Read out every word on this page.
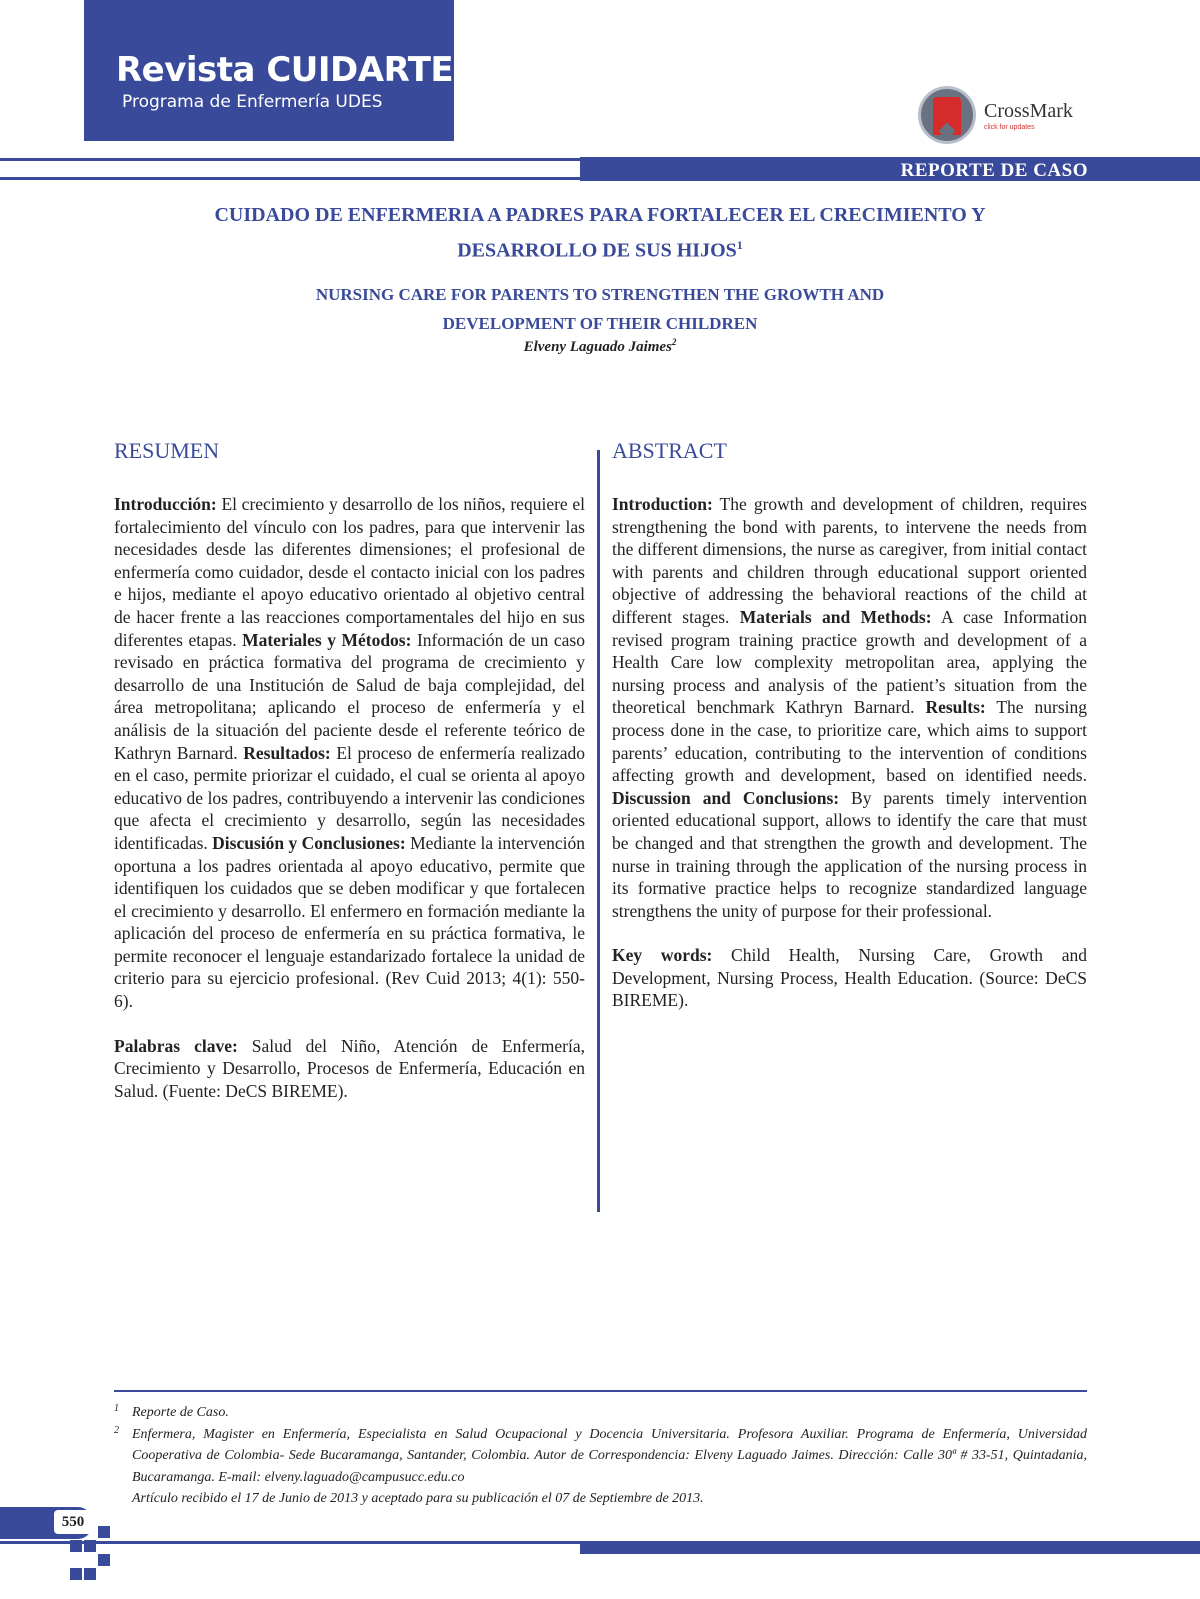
Revista CUIDARTE
Programa de Enfermería UDES	CrossMark
click for updates
REPORTE DE CASO
CUIDADO DE ENFERMERIA A PADRES PARA FORTALECER EL CRECIMIENTO Y DESARROLLO DE SUS HIJOS$^1$
NURSING CARE FOR PARENTS TO STRENGTHEN THE GROWTH AND
DEVELOPMENT OF THEIR CHILDREN
Elveny Laguado Jaimes$^2$
RESUMEN
Introducción: El crecimiento y desarrollo de los niños, requiere el fortalecimiento del vínculo con los padres, para que intervenir las necesidades desde las diferentes dimensiones; el profesional de enfermería como cuidador, desde el contacto inicial con los padres e hijos, mediante el apoyo educativo orientado al objetivo central de hacer frente a las reacciones comportamentales del hijo en sus diferentes etapas. Materiales y Métodos: Información de un caso revisado en práctica formativa del programa de crecimiento y desarrollo de una Institución de Salud de baja complejidad, del área metropolitana; aplicando el proceso de enfermería y el análisis de la situación del paciente desde el referente teórico de Kathryn Barnard. Resultados: El proceso de enfermería realizado en el caso, permite priorizar el cuidado, el cual se orienta al apoyo educativo de los padres, contribuyendo a intervenir las condiciones que afecta el crecimiento y desarrollo, según las necesidades identificadas. Discusión y Conclusiones: Mediante la intervención oportuna a los padres orientada al apoyo educativo, permite que identifiquen los cuidados que se deben modificar y que fortalecen el crecimiento y desarrollo. El enfermero en formación mediante la aplicación del proceso de enfermería en su práctica formativa, le permite reconocer el lenguaje estandarizado fortalece la unidad de criterio para su ejercicio profesional. (Rev Cuid 2013; 4(1): 550-6).
Palabras clave: Salud del Niño, Atención de Enfermería, Crecimiento y Desarrollo, Procesos de Enfermería, Educación en Salud. (Fuente: DeCS BIREME).
ABSTRACT
Introduction: The growth and development of children, requires strengthening the bond with parents, to intervene the needs from the different dimensions, the nurse as caregiver, from initial contact with parents and children through educational support oriented objective of addressing the behavioral reactions of the child at different stages. Materials and Methods: A case Information revised program training practice growth and development of a Health Care low complexity metropolitan area, applying the nursing process and analysis of the patient’s situation from the theoretical benchmark Kathryn Barnard. Results: The nursing process done in the case, to prioritize care, which aims to support parents’ education, contributing to the intervention of conditions affecting growth and development, based on identified needs. Discussion and Conclusions: By parents timely intervention oriented educational support, allows to identify the care that must be changed and that strengthen the growth and development. The nurse in training through the application of the nursing process in its formative practice helps to recognize standardized language strengthens the unity of purpose for their professional.
Key words: Child Health, Nursing Care, Growth and Development, Nursing Process, Health Education. (Source: DeCS BIREME).
1 Reporte de Caso.
2 Enfermera, Magister en Enfermería, Especialista en Salud Ocupacional y Docencia Universitaria. Profesora Auxiliar. Programa de Enfermería, Universidad Cooperativa de Colombia- Sede Bucaramanga, Santander, Colombia. Autor de Correspondencia: Elveny Laguado Jaimes. Dirección: Calle 30ª # 33-51, Quintadania, Bucaramanga. E-mail: elveny.laguado@campusucc.edu.co
Artículo recibido el 17 de Junio de 2013 y aceptado para su publicación el 07 de Septiembre de 2013.
550
